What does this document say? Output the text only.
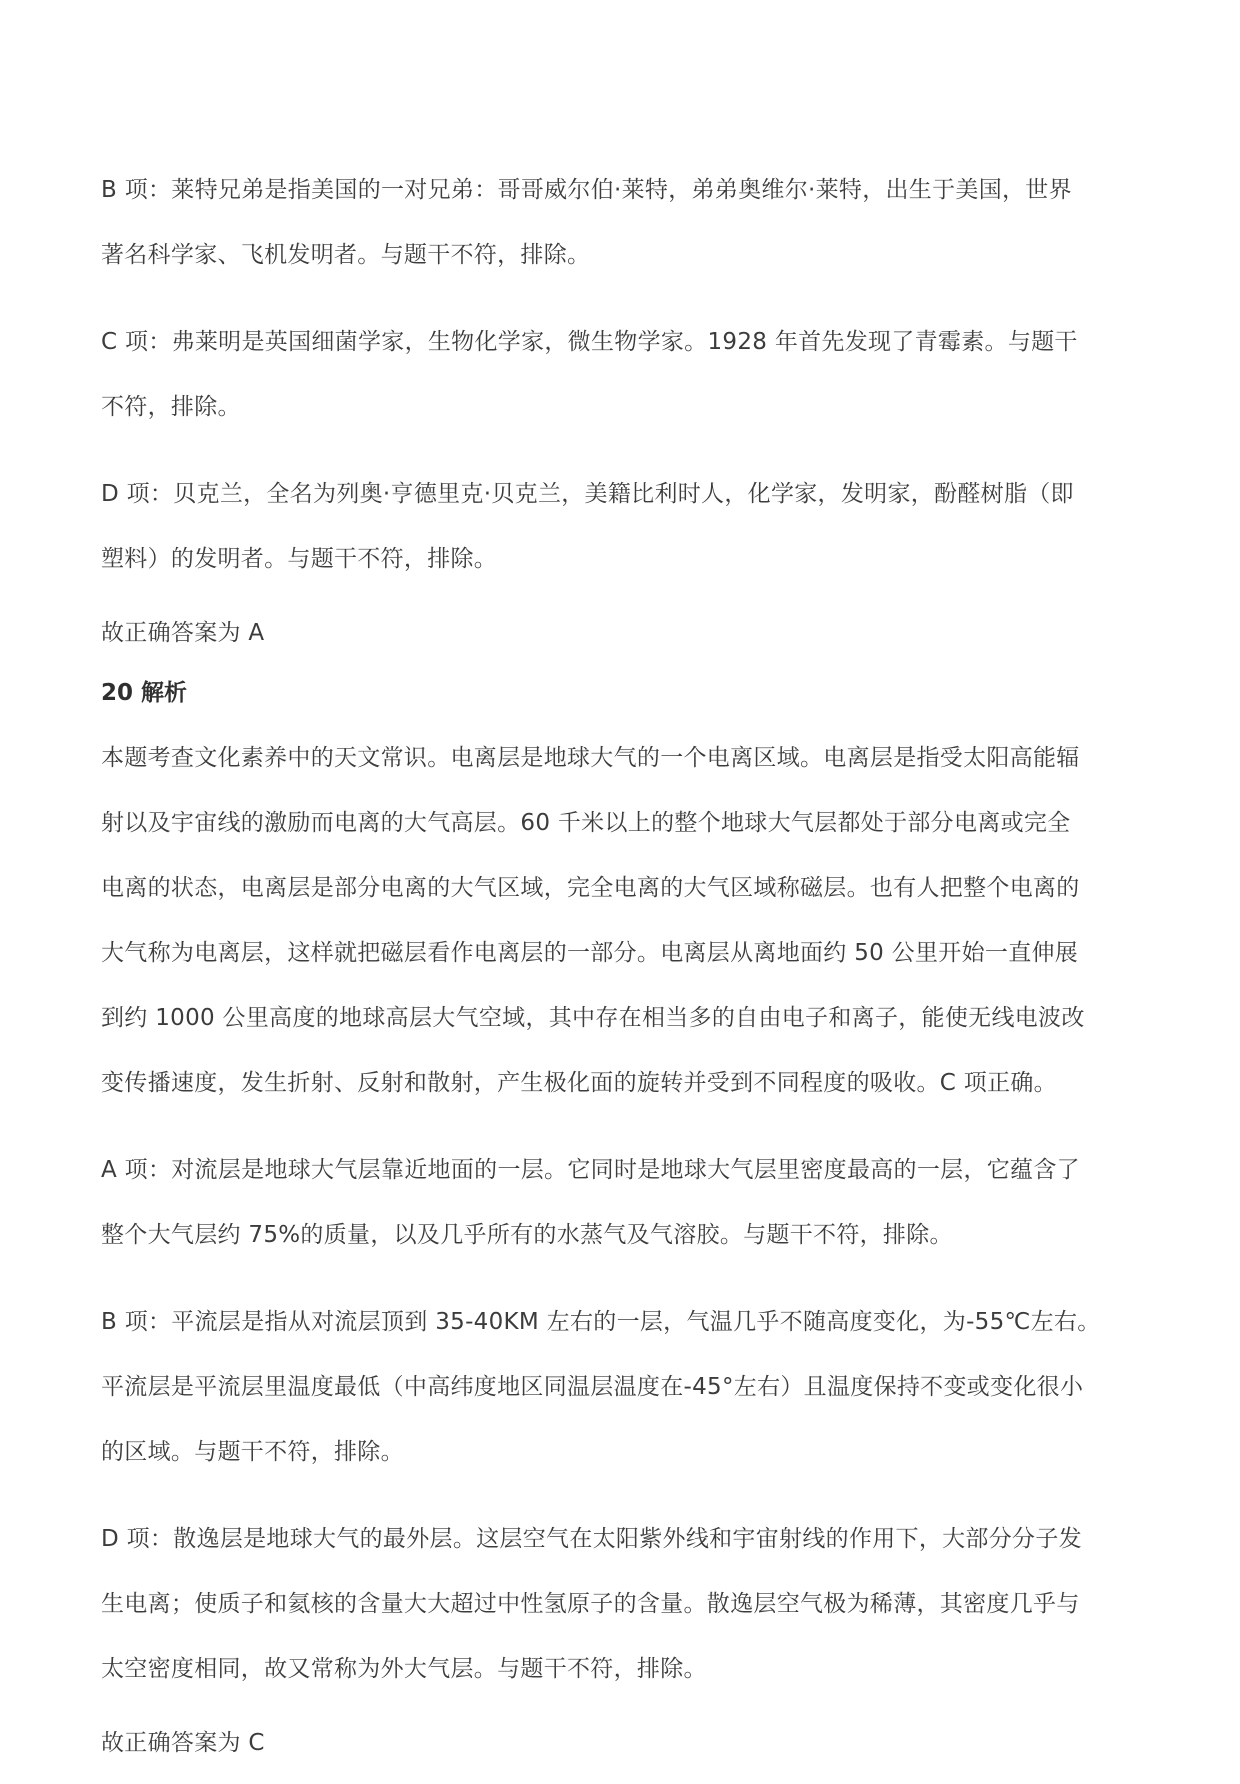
B 项：莱特兄弟是指美国的一对兄弟：哥哥威尔伯·莱特，弟弟奥维尔·莱特，出生于美国，世界
著名科学家、飞机发明者。与题干不符，排除。

C 项：弗莱明是英国细菌学家，生物化学家，微生物学家。1928 年首先发现了青霉素。与题干
不符，排除。

D 项：贝克兰，全名为列奥·亨德里克·贝克兰，美籍比利时人，化学家，发明家，酚醛树脂（即
塑料）的发明者。与题干不符，排除。

故正确答案为 A

20 解析

本题考查文化素养中的天文常识。电离层是地球大气的一个电离区域。电离层是指受太阳高能辐
射以及宇宙线的激励而电离的大气高层。60 千米以上的整个地球大气层都处于部分电离或完全
电离的状态，电离层是部分电离的大气区域，完全电离的大气区域称磁层。也有人把整个电离的
大气称为电离层，这样就把磁层看作电离层的一部分。电离层从离地面约 50 公里开始一直伸展
到约 1000 公里高度的地球高层大气空域，其中存在相当多的自由电子和离子，能使无线电波改
变传播速度，发生折射、反射和散射，产生极化面的旋转并受到不同程度的吸收。C 项正确。

A 项：对流层是地球大气层靠近地面的一层。它同时是地球大气层里密度最高的一层，它蕴含了
整个大气层约 75%的质量，以及几乎所有的水蒸气及气溶胶。与题干不符，排除。

B 项：平流层是指从对流层顶到 35-40KM 左右的一层，气温几乎不随高度变化，为-55℃左右。
平流层是平流层里温度最低（中高纬度地区同温层温度在-45°左右）且温度保持不变或变化很小
的区域。与题干不符，排除。

D 项：散逸层是地球大气的最外层。这层空气在太阳紫外线和宇宙射线的作用下，大部分分子发
生电离；使质子和氦核的含量大大超过中性氢原子的含量。散逸层空气极为稀薄，其密度几乎与
太空密度相同，故又常称为外大气层。与题干不符，排除。

故正确答案为 C
